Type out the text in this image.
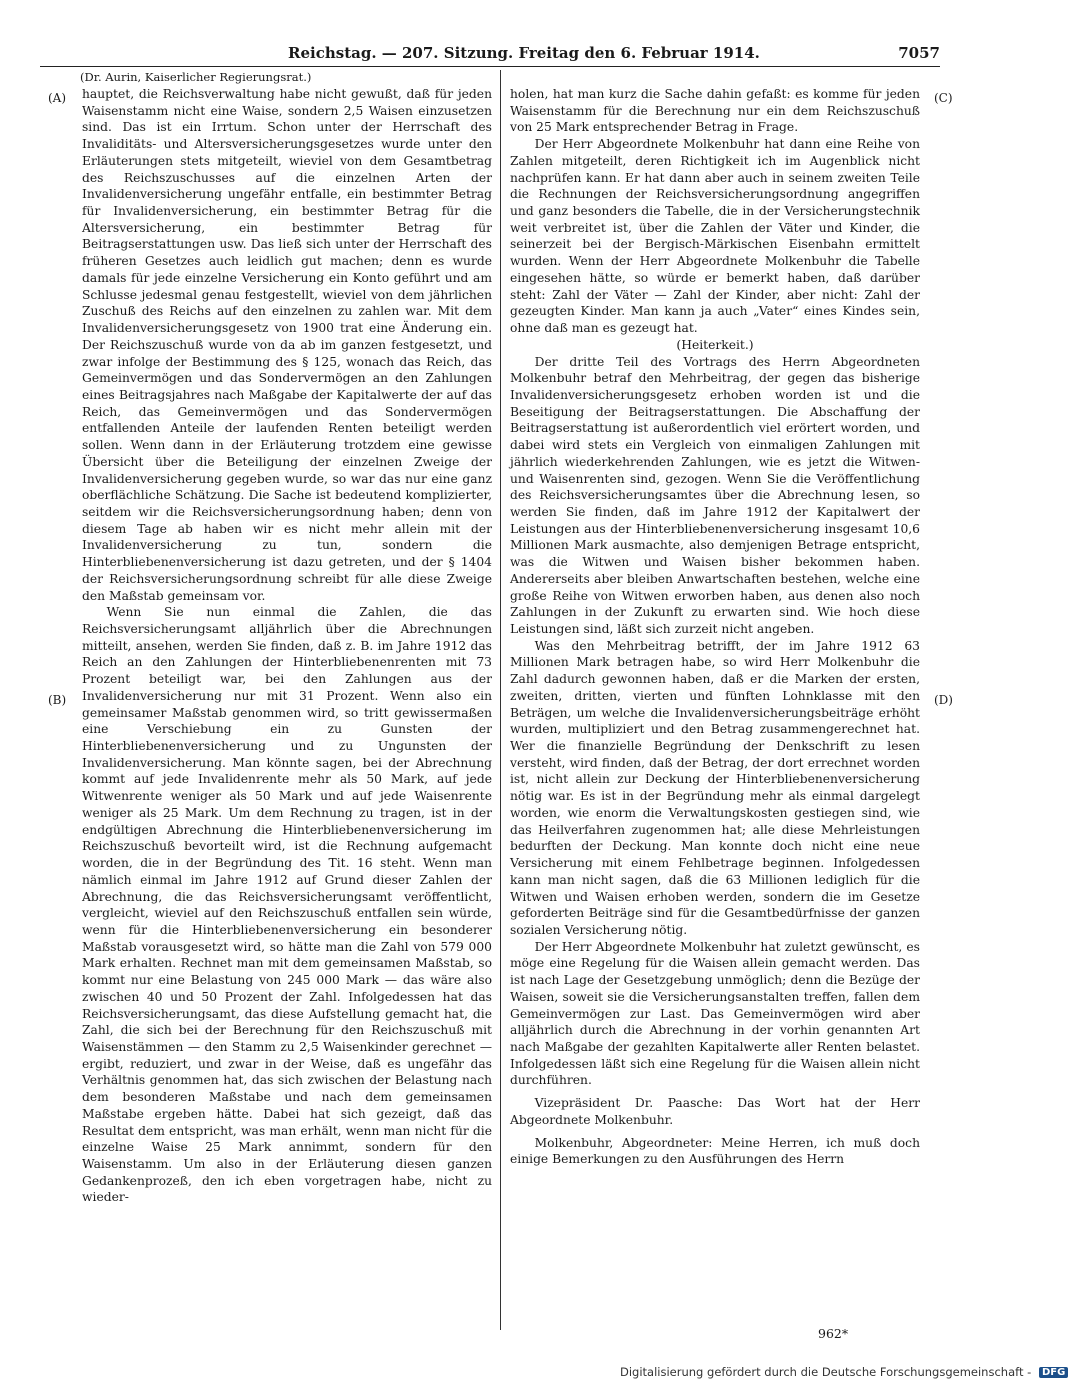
Reichstag. — 207. Sitzung. Freitag den 6. Februar 1914.	7057
(Dr. Aurin, Kaiserlicher Regierungsrat.)
(A)
(B)
(C)
(D)

hauptet, die Reichsverwaltung habe nicht gewußt, daß für jeden Waisenstamm nicht eine Waise, sondern 2,5 Waisen einzusetzen sind. Das ist ein Irrtum. Schon unter der Herrschaft des Invaliditäts- und Altersversicherungsgesetzes wurde unter den Erläuterungen stets mitgeteilt, wieviel von dem Gesamtbetrag des Reichszuschusses auf die einzelnen Arten der Invalidenversicherung ungefähr entfalle, ein bestimmter Betrag für Invalidenversicherung, ein bestimmter Betrag für die Altersversicherung, ein bestimmter Betrag für Beitragserstattungen usw. Das ließ sich unter der Herrschaft des früheren Gesetzes auch leidlich gut machen; denn es wurde damals für jede einzelne Versicherung ein Konto geführt und am Schlusse jedesmal genau festgestellt, wieviel von dem jährlichen Zuschuß des Reichs auf den einzelnen zu zahlen war. Mit dem Invalidenversicherungsgesetz von 1900 trat eine Änderung ein. Der Reichszuschuß wurde von da ab im ganzen festgesetzt, und zwar infolge der Bestimmung des § 125, wonach das Reich, das Gemeinvermögen und das Sondervermögen an den Zahlungen eines Beitragsjahres nach Maßgabe der Kapitalwerte der auf das Reich, das Gemeinvermögen und das Sondervermögen entfallenden Anteile der laufenden Renten beteiligt werden sollen. Wenn dann in der Erläuterung trotzdem eine gewisse Übersicht über die Beteiligung der einzelnen Zweige der Invalidenversicherung gegeben wurde, so war das nur eine ganz oberflächliche Schätzung. Die Sache ist bedeutend komplizierter, seitdem wir die Reichsversicherungsordnung haben; denn von diesem Tage ab haben wir es nicht mehr allein mit der Invalidenversicherung zu tun, sondern die Hinterbliebenenversicherung ist dazu getreten, und der § 1404 der Reichsversicherungsordnung schreibt für alle diese Zweige den Maßstab gemeinsam vor.

Wenn Sie nun einmal die Zahlen, die das Reichsversicherungsamt alljährlich über die Abrechnungen mitteilt, ansehen, werden Sie finden, daß z. B. im Jahre 1912 das Reich an den Zahlungen der Hinterbliebenenrenten mit 73 Prozent beteiligt war, bei den Zahlungen aus der Invalidenversicherung nur mit 31 Prozent. Wenn also ein gemeinsamer Maßstab genommen wird, so tritt gewissermaßen eine Verschiebung ein zu Gunsten der Hinterbliebenenversicherung und zu Ungunsten der Invalidenversicherung. Man könnte sagen, bei der Abrechnung kommt auf jede Invalidenrente mehr als 50 Mark, auf jede Witwenrente weniger als 50 Mark und auf jede Waisenrente weniger als 25 Mark. Um dem Rechnung zu tragen, ist in der endgültigen Abrechnung die Hinterbliebenenversicherung im Reichszuschuß bevorteilt wird, ist die Rechnung aufgemacht worden, die in der Begründung des Tit. 16 steht. Wenn man nämlich einmal im Jahre 1912 auf Grund dieser Zahlen der Abrechnung, die das Reichsversicherungsamt veröffentlicht, vergleicht, wieviel auf den Reichszuschuß entfallen sein würde, wenn für die Hinterbliebenenversicherung ein besonderer Maßstab vorausgesetzt wird, so hätte man die Zahl von 579 000 Mark erhalten. Rechnet man mit dem gemeinsamen Maßstab, so kommt nur eine Belastung von 245 000 Mark — das wäre also zwischen 40 und 50 Prozent der Zahl. Infolgedessen hat das Reichsversicherungsamt, das diese Aufstellung gemacht hat, die Zahl, die sich bei der Berechnung für den Reichszuschuß mit Waisenstämmen — den Stamm zu 2,5 Waisenkinder gerechnet — ergibt, reduziert, und zwar in der Weise, daß es ungefähr das Verhältnis genommen hat, das sich zwischen der Belastung nach dem besonderen Maßstabe und nach dem gemeinsamen Maßstabe ergeben hätte. Dabei hat sich gezeigt, daß das Resultat dem entspricht, was man erhält, wenn man nicht für die einzelne Waise 25 Mark annimmt, sondern für den Waisenstamm. Um also in der Erläuterung diesen ganzen Gedankenprozeß, den ich eben vorgetragen habe, nicht zu wieder-

holen, hat man kurz die Sache dahin gefaßt: es komme für jeden Waisenstamm für die Berechnung nur ein dem Reichszuschuß von 25 Mark entsprechender Betrag in Frage.

Der Herr Abgeordnete Molkenbuhr hat dann eine Reihe von Zahlen mitgeteilt, deren Richtigkeit ich im Augenblick nicht nachprüfen kann. Er hat dann aber auch in seinem zweiten Teile die Rechnungen der Reichsversicherungsordnung angegriffen und ganz besonders die Tabelle, die in der Versicherungstechnik weit verbreitet ist, über die Zahlen der Väter und Kinder, die seinerzeit bei der Bergisch-Märkischen Eisenbahn ermittelt wurden. Wenn der Herr Abgeordnete Molkenbuhr die Tabelle eingesehen hätte, so würde er bemerkt haben, daß darüber steht: Zahl der Väter — Zahl der Kinder, aber nicht: Zahl der gezeugten Kinder. Man kann ja auch „Vater“ eines Kindes sein, ohne daß man es gezeugt hat.

(Heiterkeit.)

Der dritte Teil des Vortrags des Herrn Abgeordneten Molkenbuhr betraf den Mehrbeitrag, der gegen das bisherige Invalidenversicherungsgesetz erhoben worden ist und die Beseitigung der Beitragserstattungen. Die Abschaffung der Beitragserstattung ist außerordentlich viel erörtert worden, und dabei wird stets ein Vergleich von einmaligen Zahlungen mit jährlich wiederkehrenden Zahlungen, wie es jetzt die Witwen- und Waisenrenten sind, gezogen. Wenn Sie die Veröffentlichung des Reichsversicherungsamtes über die Abrechnung lesen, so werden Sie finden, daß im Jahre 1912 der Kapitalwert der Leistungen aus der Hinterbliebenenversicherung insgesamt 10,6 Millionen Mark ausmachte, also demjenigen Betrage entspricht, was die Witwen und Waisen bisher bekommen haben. Andererseits aber bleiben Anwartschaften bestehen, welche eine große Reihe von Witwen erworben haben, aus denen also noch Zahlungen in der Zukunft zu erwarten sind. Wie hoch diese Leistungen sind, läßt sich zurzeit nicht angeben.

Was den Mehrbeitrag betrifft, der im Jahre 1912 63 Millionen Mark betragen habe, so wird Herr Molkenbuhr die Zahl dadurch gewonnen haben, daß er die Marken der ersten, zweiten, dritten, vierten und fünften Lohnklasse mit den Beträgen, um welche die Invalidenversicherungsbeiträge erhöht wurden, multipliziert und den Betrag zusammengerechnet hat. Wer die finanzielle Begründung der Denkschrift zu lesen versteht, wird finden, daß der Betrag, der dort errechnet worden ist, nicht allein zur Deckung der Hinterbliebenenversicherung nötig war. Es ist in der Begründung mehr als einmal dargelegt worden, wie enorm die Verwaltungskosten gestiegen sind, wie das Heilverfahren zugenommen hat; alle diese Mehrleistungen bedurften der Deckung. Man konnte doch nicht eine neue Versicherung mit einem Fehlbetrage beginnen. Infolgedessen kann man nicht sagen, daß die 63 Millionen lediglich für die Witwen und Waisen erhoben werden, sondern die im Gesetze geforderten Beiträge sind für die Gesamtbedürfnisse der ganzen sozialen Versicherung nötig.

Der Herr Abgeordnete Molkenbuhr hat zuletzt gewünscht, es möge eine Regelung für die Waisen allein gemacht werden. Das ist nach Lage der Gesetzgebung unmöglich; denn die Bezüge der Waisen, soweit sie die Versicherungsanstalten treffen, fallen dem Gemeinvermögen zur Last. Das Gemeinvermögen wird aber alljährlich durch die Abrechnung in der vorhin genannten Art nach Maßgabe der gezahlten Kapitalwerte aller Renten belastet. Infolgedessen läßt sich eine Regelung für die Waisen allein nicht durchführen.

Vizepräsident Dr. Paasche: Das Wort hat der Herr Abgeordnete Molkenbuhr.

Molkenbuhr, Abgeordneter: Meine Herren, ich muß doch einige Bemerkungen zu den Ausführungen des Herrn

962*
Digitalisierung gefördert durch die Deutsche Forschungsgemeinschaft - DFG
